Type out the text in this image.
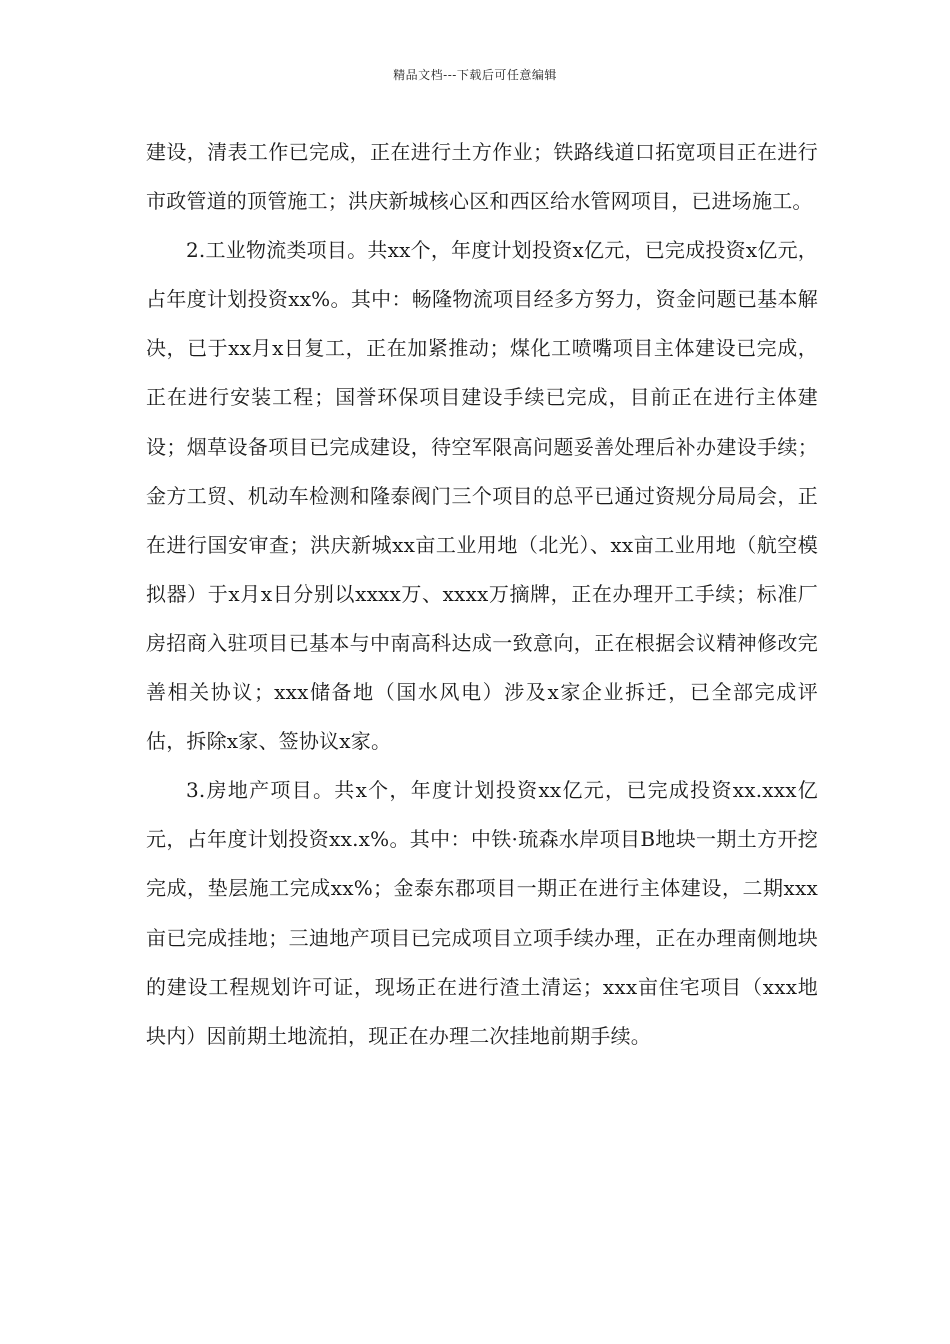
精品文档---下载后可任意编辑

建设，清表工作已完成，正在进行土方作业；铁路线道口拓宽项目正在进行市政管道的顶管施工；洪庆新城核心区和西区给水管网项目，已进场施工。

2.工业物流类项目。共xx个，年度计划投资x亿元，已完成投资x亿元，占年度计划投资xx%。其中：畅隆物流项目经多方努力，资金问题已基本解决，已于xx月x日复工，正在加紧推动；煤化工喷嘴项目主体建设已完成，正在进行安装工程；国誉环保项目建设手续已完成，目前正在进行主体建设；烟草设备项目已完成建设，待空军限高问题妥善处理后补办建设手续；金方工贸、机动车检测和隆泰阀门三个项目的总平已通过资规分局局会，正在进行国安审查；洪庆新城xx亩工业用地（北光）、xx亩工业用地（航空模拟器）于x月x日分别以xxxx万、xxxx万摘牌，正在办理开工手续；标准厂房招商入驻项目已基本与中南高科达成一致意向，正在根据会议精神修改完善相关协议；xxx储备地（国水风电）涉及x家企业拆迁，已全部完成评估，拆除x家、签协议x家。

3.房地产项目。共x个，年度计划投资xx亿元，已完成投资xx.xxx亿元，占年度计划投资xx.x%。其中：中铁·琉森水岸项目B地块一期土方开挖完成，垫层施工完成xx%；金泰东郡项目一期正在进行主体建设，二期xxx亩已完成挂地；三迪地产项目已完成项目立项手续办理，正在办理南侧地块的建设工程规划许可证，现场正在进行渣土清运；xxx亩住宅项目（xxx地块内）因前期土地流拍，现正在办理二次挂地前期手续。
